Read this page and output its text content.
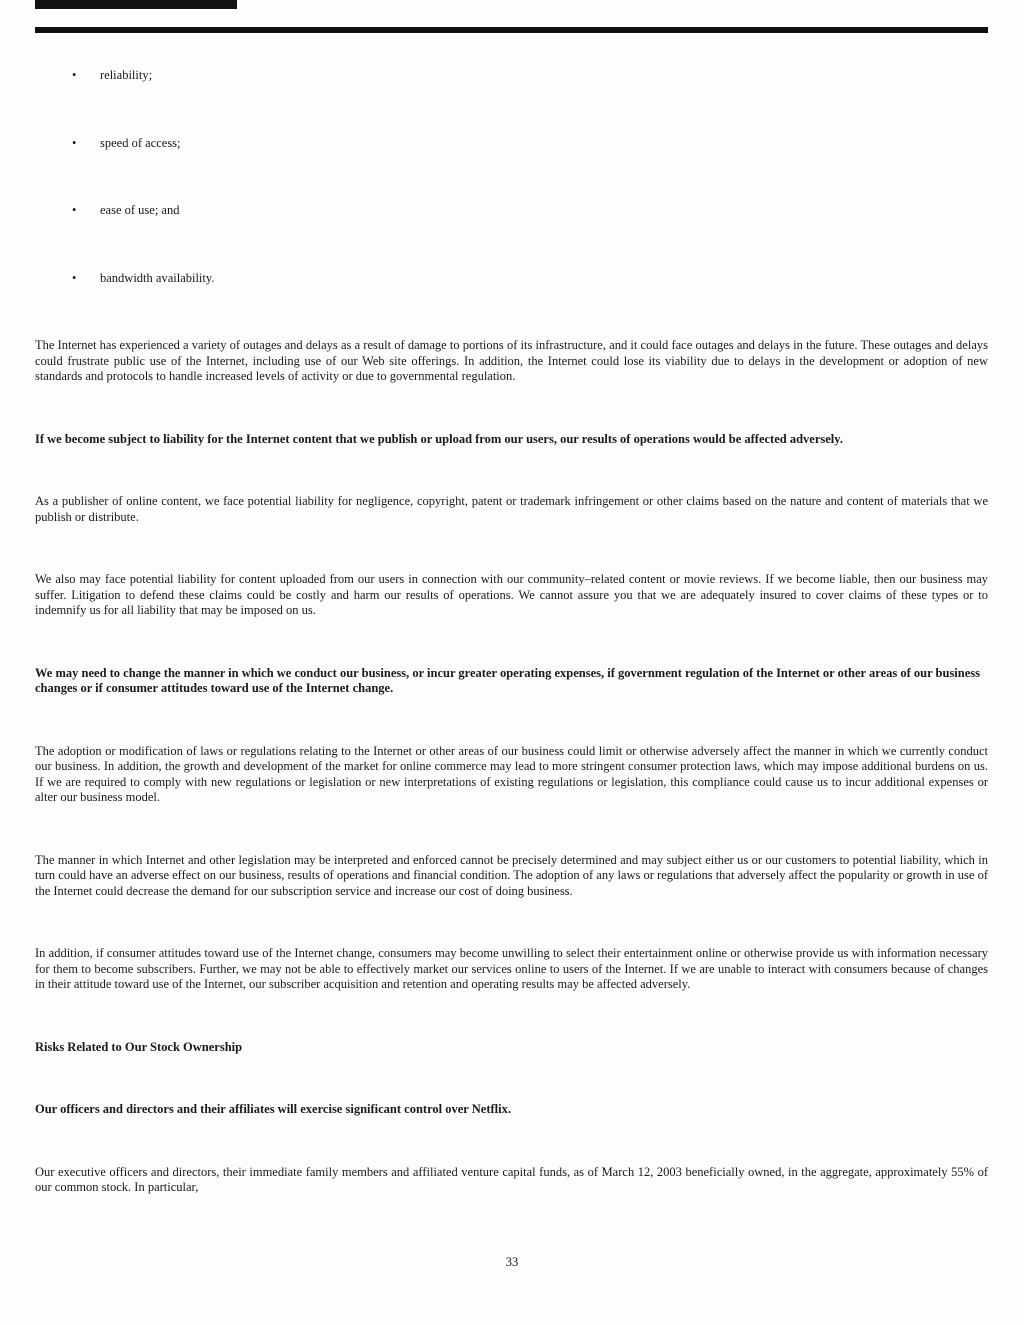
•	reliability;
•	speed of access;
•	ease of use; and
•	bandwidth availability.

The Internet has experienced a variety of outages and delays as a result of damage to portions of its infrastructure, and it could face outages and delays in the future. These outages and delays could frustrate public use of the Internet, including use of our Web site offerings. In addition, the Internet could lose its viability due to delays in the development or adoption of new standards and protocols to handle increased levels of activity or due to governmental regulation.

If we become subject to liability for the Internet content that we publish or upload from our users, our results of operations would be affected adversely.

As a publisher of online content, we face potential liability for negligence, copyright, patent or trademark infringement or other claims based on the nature and content of materials that we publish or distribute.

We also may face potential liability for content uploaded from our users in connection with our community–related content or movie reviews. If we become liable, then our business may suffer. Litigation to defend these claims could be costly and harm our results of operations. We cannot assure you that we are adequately insured to cover claims of these types or to indemnify us for all liability that may be imposed on us.

We may need to change the manner in which we conduct our business, or incur greater operating expenses, if government regulation of the Internet or other areas of our business changes or if consumer attitudes toward use of the Internet change.

The adoption or modification of laws or regulations relating to the Internet or other areas of our business could limit or otherwise adversely affect the manner in which we currently conduct our business. In addition, the growth and development of the market for online commerce may lead to more stringent consumer protection laws, which may impose additional burdens on us. If we are required to comply with new regulations or legislation or new interpretations of existing regulations or legislation, this compliance could cause us to incur additional expenses or alter our business model.

The manner in which Internet and other legislation may be interpreted and enforced cannot be precisely determined and may subject either us or our customers to potential liability, which in turn could have an adverse effect on our business, results of operations and financial condition. The adoption of any laws or regulations that adversely affect the popularity or growth in use of the Internet could decrease the demand for our subscription service and increase our cost of doing business.

In addition, if consumer attitudes toward use of the Internet change, consumers may become unwilling to select their entertainment online or otherwise provide us with information necessary for them to become subscribers. Further, we may not be able to effectively market our services online to users of the Internet. If we are unable to interact with consumers because of changes in their attitude toward use of the Internet, our subscriber acquisition and retention and operating results may be affected adversely.

Risks Related to Our Stock Ownership

Our officers and directors and their affiliates will exercise significant control over Netflix.

Our executive officers and directors, their immediate family members and affiliated venture capital funds, as of March 12, 2003 beneficially owned, in the aggregate, approximately 55% of our common stock. In particular,

33
